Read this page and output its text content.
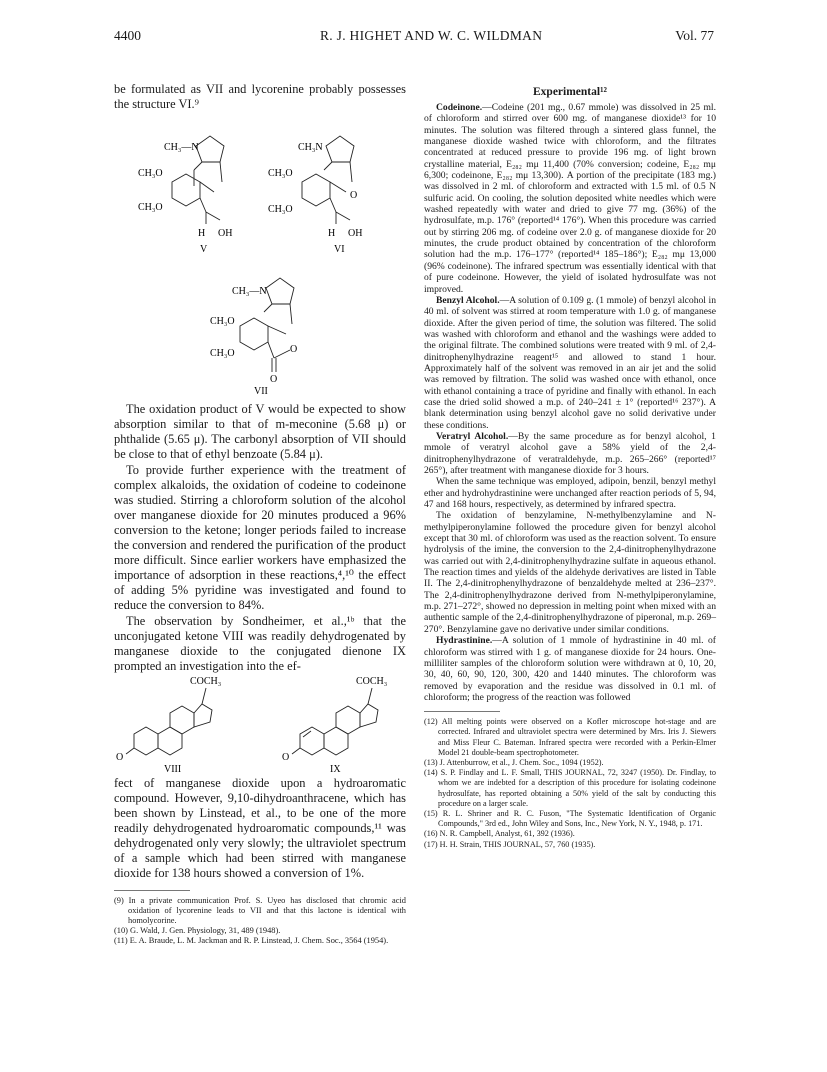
4400	R. J. HIGHET AND W. C. WILDMAN	Vol. 77

be formulated as VII and lycorenine probably possesses the structure VI.⁹

CH₃—N
CH₃O
CH₃O
H OH
V
CH₃N
CH₃O
CH₃O
O
H OH
VI
CH₃—N
CH₃O
CH₃O	O
O
VII

The oxidation product of V would be expected to show absorption similar to that of m-meconine (5.68 μ) or phthalide (5.65 μ). The carbonyl absorption of VII should be close to that of ethyl benzoate (5.84 μ).

To provide further experience with the treatment of complex alkaloids, the oxidation of codeine to codeinone was studied. Stirring a chloroform solution of the alcohol over manganese dioxide for 20 minutes produced a 96% conversion to the ketone; longer periods failed to increase the conversion and rendered the purification of the product more difficult. Since earlier workers have emphasized the importance of adsorption in these reactions,⁴,¹⁰ the effect of adding 5% pyridine was investigated and found to reduce the conversion to 84%.

The observation by Sondheimer, et al.,¹ᵇ that the unconjugated ketone VIII was readily dehydrogenated by manganese dioxide to the conjugated dienone IX prompted an investigation into the ef-

COCH₃
O
VIII
COCH₃
O
IX

fect of manganese dioxide upon a hydroaromatic compound. However, 9,10-dihydroanthracene, which has been shown by Linstead, et al., to be one of the more readily dehydrogenated hydroaromatic compounds,¹¹ was dehydrogenated only very slowly; the ultraviolet spectrum of a sample which had been stirred with manganese dioxide for 138 hours showed a conversion of 1%.

(9) In a private communication Prof. S. Uyeo has disclosed that chromic acid oxidation of lycorenine leads to VII and that this lactone is identical with homolycorine.

(10) G. Wald, J. Gen. Physiology, 31, 489 (1948).

(11) E. A. Braude, L. M. Jackman and R. P. Linstead, J. Chem. Soc., 3564 (1954).

Experimental¹²

Codeinone.—Codeine (201 mg., 0.67 mmole) was dissolved in 25 ml. of chloroform and stirred over 600 mg. of manganese dioxide¹³ for 10 minutes. The solution was filtered through a sintered glass funnel, the manganese dioxide washed twice with chloroform, and the filtrates concentrated at reduced pressure to provide 196 mg. of light brown crystalline material, E₂₈₂ mμ 11,400 (70% conversion; codeine, E₂₈₂ mμ 6,300; codeinone, E₂₈₂ mμ 13,300). A portion of the precipitate (183 mg.) was dissolved in 2 ml. of chloroform and extracted with 1.5 ml. of 0.5 N sulfuric acid. On cooling, the solution deposited white needles which were washed repeatedly with water and dried to give 77 mg. (36%) of the hydrosulfate, m.p. 176° (reported¹⁴ 176°). When this procedure was carried out by stirring 206 mg. of codeine over 2.0 g. of manganese dioxide for 20 minutes, the crude product obtained by concentration of the chloroform solution had the m.p. 176–177° (reported¹⁴ 185–186°); E₂₈₂ mμ 13,000 (96% codeinone). The infrared spectrum was essentially identical with that of pure codeinone. However, the yield of isolated hydrosulfate was not improved.

Benzyl Alcohol.—A solution of 0.109 g. (1 mmole) of benzyl alcohol in 40 ml. of solvent was stirred at room temperature with 1.0 g. of manganese dioxide. After the given period of time, the solution was filtered. The solid was washed with chloroform and ethanol and the washings were added to the original filtrate. The combined solutions were treated with 9 ml. of 2,4-dinitrophenylhydrazine reagent¹⁵ and allowed to stand 1 hour. Approximately half of the solvent was removed in an air jet and the solid was removed by filtration. The solid was washed once with ethanol, once with ethanol containing a trace of pyridine and finally with ethanol. In each case the dried solid showed a m.p. of 240–241 ± 1° (reported¹⁶ 237°). A blank determination using benzyl alcohol gave no solid derivative under these conditions.

Veratryl Alcohol.—By the same procedure as for benzyl alcohol, 1 mmole of veratryl alcohol gave a 58% yield of the 2,4-dinitrophenylhydrazone of veratraldehyde, m.p. 265–266° (reported¹⁷ 265°), after treatment with manganese dioxide for 3 hours.

When the same technique was employed, adipoin, benzil, benzyl methyl ether and hydrohydrastinine were unchanged after reaction periods of 5, 94, 47 and 168 hours, respectively, as determined by infrared spectra.

The oxidation of benzylamine, N-methylbenzylamine and N-methylpiperonylamine followed the procedure given for benzyl alcohol except that 30 ml. of chloroform was used as the reaction solvent. To ensure hydrolysis of the imine, the conversion to the 2,4-dinitrophenylhydrazone was carried out with 2,4-dinitrophenylhydrazine sulfate in aqueous ethanol. The reaction times and yields of the aldehyde derivatives are listed in Table II. The 2,4-dinitrophenylhydrazone of benzaldehyde melted at 236–237°. The 2,4-dinitrophenylhydrazone derived from N-methylpiperonylamine, m.p. 271–272°, showed no depression in melting point when mixed with an authentic sample of the 2,4-dinitrophenylhydrazone of piperonal, m.p. 269–270°. Benzylamine gave no derivative under similar conditions.

Hydrastinine.—A solution of 1 mmole of hydrastinine in 40 ml. of chloroform was stirred with 1 g. of manganese dioxide for 24 hours. One-milliliter samples of the chloroform solution were withdrawn at 0, 10, 20, 30, 40, 60, 90, 120, 300, 420 and 1440 minutes. The chloroform was removed by evaporation and the residue was dissolved in 0.1 ml. of chloroform; the progress of the reaction was followed

(12) All melting points were observed on a Kofler microscope hot-stage and are corrected. Infrared and ultraviolet spectra were determined by Mrs. Iris J. Siewers and Miss Fleur C. Bateman. Infrared spectra were recorded with a Perkin-Elmer Model 21 double-beam spectrophotometer.

(13) J. Attenburrow, et al., J. Chem. Soc., 1094 (1952).

(14) S. P. Findlay and L. F. Small, THIS JOURNAL, 72, 3247 (1950). Dr. Findlay, to whom we are indebted for a description of this procedure for isolating codeinone hydrosulfate, has reported obtaining a 50% yield of the salt by conducting this procedure on a larger scale.

(15) R. L. Shriner and R. C. Fuson, "The Systematic Identification of Organic Compounds," 3rd ed., John Wiley and Sons, Inc., New York, N. Y., 1948, p. 171.

(16) N. R. Campbell, Analyst, 61, 392 (1936).

(17) H. H. Strain, THIS JOURNAL, 57, 760 (1935).
